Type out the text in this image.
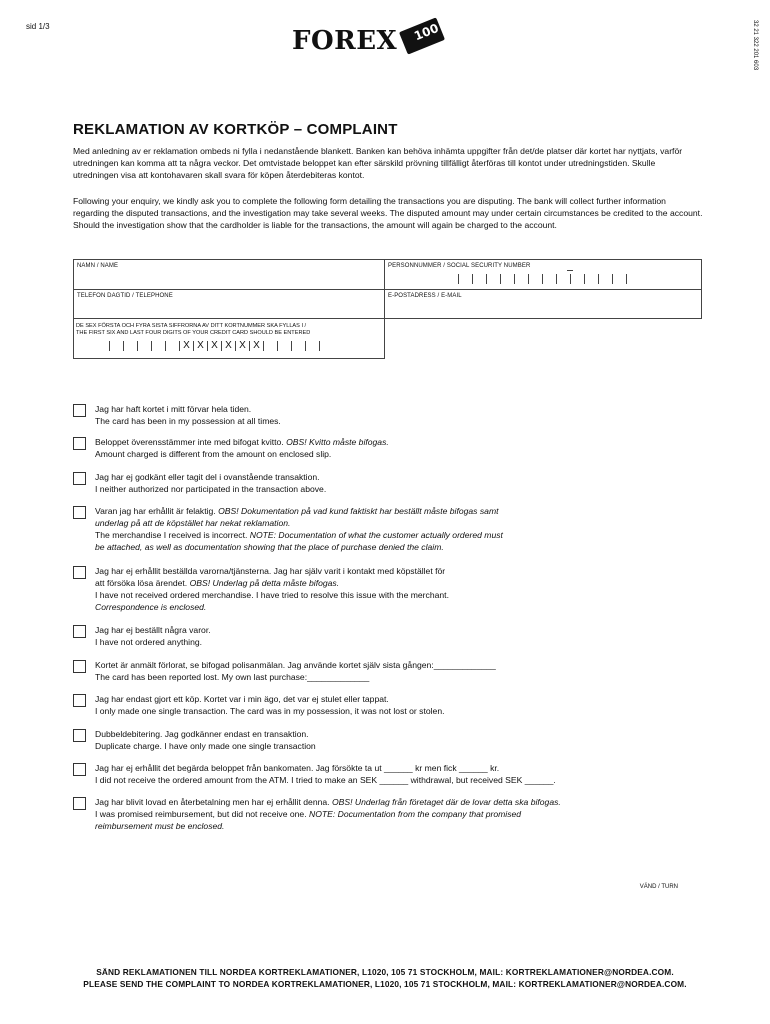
sid 1/3	FOREX 100	32 21 322 201 603
REKLAMATION AV KORTKÖP – COMPLAINT

Med anledning av er reklamation ombeds ni fylla i nedanstående blankett. Banken kan behöva inhämta uppgifter från det/de platser där kortet har nyttjats, varför utredningen kan komma att ta några veckor. Det omtvistade beloppet kan efter särskild prövning tillfälligt återföras till kontot under utredningstiden. Skulle utredningen visa att kontohavaren skall svara för köpen återdebiteras kontot.

Following your enquiry, we kindly ask you to complete the following form detailing the transactions you are disputing. The bank will collect further information regarding the disputed transactions, and the investigation may take several weeks. The disputed amount may under certain circumstances be credited to the account. Should the investigation show that the cardholder is liable for the transactions, the amount will again be charged to the account.

NAMN / NAME	PERSONNUMMER / SOCIAL SECURITY NUMBER
TELEFON DAGTID / TELEPHONE	E-POSTADRESS / E-MAIL
DE SEX FÖRSTA OCH FYRA SISTA SIFFRORNA AV DITT KORTNUMMER SKA FYLLAS I /
THE FIRST SIX AND LAST FOUR DIGITS OF YOUR CREDIT CARD SHOULD BE ENTERED
X X X X X X

Jag har haft kortet i mitt förvar hela tiden.

The card has been in my possession at all times.

Beloppet överensstämmer inte med bifogat kvitto. OBS! Kvitto måste bifogas.

Amount charged is different from the amount on enclosed slip.

Jag har ej godkänt eller tagit del i ovanstående transaktion.

I neither authorized nor participated in the transaction above.

Varan jag har erhållit är felaktig. OBS! Dokumentation på vad kund faktiskt har beställt måste bifogas samt

underlag på att de köpstället har nekat reklamation.

The merchandise I received is incorrect. NOTE: Documentation of what the customer actually ordered must

be attached, as well as documentation showing that the place of purchase denied the claim.

Jag har ej erhållit beställda varorna/tjänsterna. Jag har själv varit i kontakt med köpstället för

att försöka lösa ärendet. OBS! Underlag på detta måste bifogas.

I have not received ordered merchandise. I have tried to resolve this issue with the merchant.

Correspondence is enclosed.

Jag har ej beställt några varor.

I have not ordered anything.

Kortet är anmält förlorat, se bifogad polisanmälan. Jag använde kortet själv sista gången:_____________

The card has been reported lost. My own last purchase:_____________

Jag har endast gjort ett köp. Kortet var i min ägo, det var ej stulet eller tappat.

I only made one single transaction. The card was in my possession, it was not lost or stolen.

Dubbeldebitering. Jag godkänner endast en transaktion.

Duplicate charge. I have only made one single transaction

Jag har ej erhållit det begärda beloppet från bankomaten. Jag försökte ta ut ______ kr men fick ______ kr.

I did not receive the ordered amount from the ATM. I tried to make an SEK ______ withdrawal, but received SEK ______.

Jag har blivit lovad en återbetalning men har ej erhållit denna. OBS! Underlag från företaget där de lovar detta ska bifogas.

I was promised reimbursement, but did not receive one. NOTE: Documentation from the company that promised

reimbursement must be enclosed.

VÄND / TURN

SÄND REKLAMATIONEN TILL NORDEA KORTREKLAMATIONER, L1020, 105 71 STOCKHOLM, MAIL: KORTREKLAMATIONER@NORDEA.COM.

PLEASE SEND THE COMPLAINT TO NORDEA KORTREKLAMATIONER, L1020, 105 71 STOCKHOLM, MAIL: KORTREKLAMATIONER@NORDEA.COM.
